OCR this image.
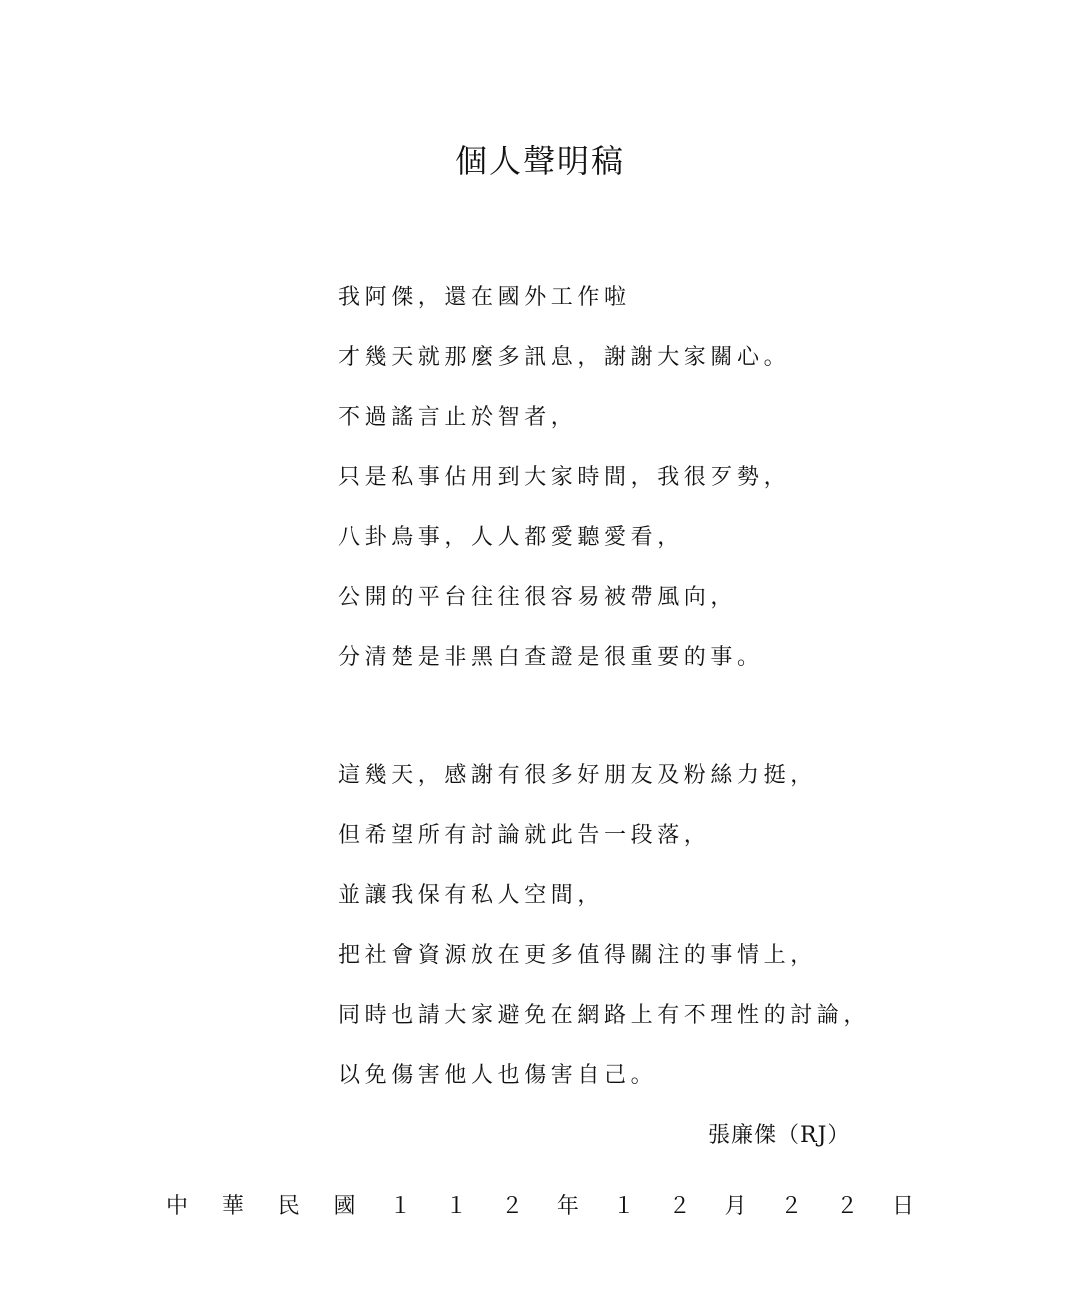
個人聲明稿
我阿傑，還在國外工作啦
才幾天就那麼多訊息，謝謝大家關心。
不過謠言止於智者，
只是私事佔用到大家時間，我很歹勢，
八卦鳥事，人人都愛聽愛看，
公開的平台往往很容易被帶風向，
分清楚是非黑白查證是很重要的事。
這幾天，感謝有很多好朋友及粉絲力挺，
但希望所有討論就此告一段落，
並讓我保有私人空間，
把社會資源放在更多值得關注的事情上，
同時也請大家避免在網路上有不理性的討論，
以免傷害他人也傷害自己。
張廉傑（RJ）
中 華 民 國 １ １ ２ 年 １ ２ 月 ２ ２ 日
